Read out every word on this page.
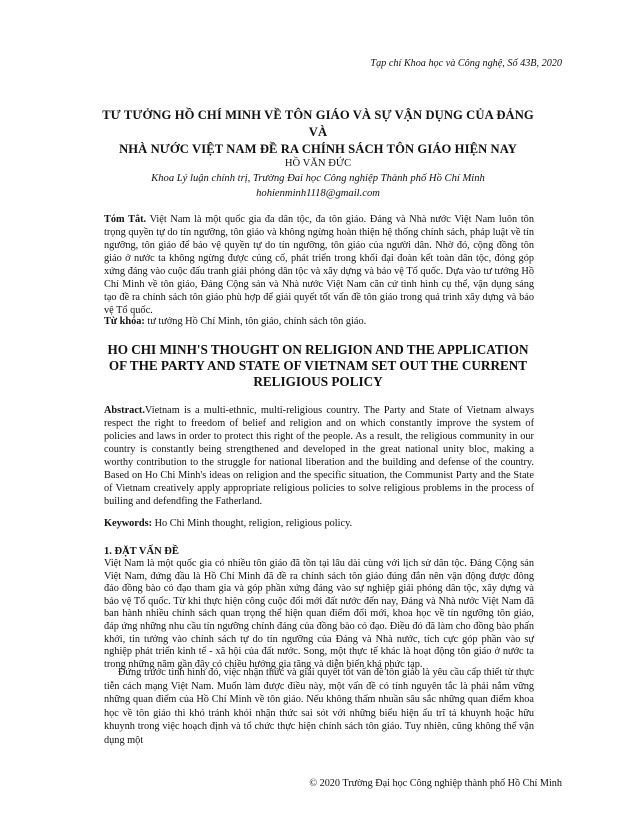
Tạp chí Khoa học và Công nghệ, Số 43B, 2020
TƯ TƯỞNG HỒ CHÍ MINH VỀ TÔN GIÁO VÀ SỰ VẬN DỤNG CỦA ĐẢNG VÀ
NHÀ NƯỚC VIỆT NAM ĐỀ RA CHÍNH SÁCH TÔN GIÁO HIỆN NAY
HỒ VĂN ĐỨC
Khoa Lý luận chính trị, Trường Đai học Công nghiệp Thành phố Hồ Chí Minh
hohienminh1118@gmail.com
Tóm Tắt. Việt Nam là một quốc gia đa dân tộc, đa tôn giáo. Đảng và Nhà nước Việt Nam luôn tôn trọng quyền tự do tín ngưỡng, tôn giáo và không ngừng hoàn thiện hệ thống chính sách, pháp luật về tín ngưỡng, tôn giáo để bảo vệ quyền tự do tín ngưỡng, tôn giáo của người dân. Nhờ đó, cộng đồng tôn giáo ở nước ta không ngừng được củng cố, phát triển trong khối đại đoàn kết toàn dân tộc, đóng góp xứng đáng vào cuộc đấu tranh giải phóng dân tộc và xây dựng và bảo vệ Tổ quốc. Dựa vào tư tưởng Hồ Chí Minh về tôn giáo, Đảng Cộng sản và Nhà nước Việt Nam căn cứ tình hình cụ thể, vận dụng sáng tạo đề ra chính sách tôn giáo phù hợp để giải quyết tốt vấn đề tôn giáo trong quá trình xây dựng và bảo vệ Tổ quốc.
Từ khóa: tư tưởng Hồ Chí Minh, tôn giáo, chính sách tôn giáo.
HO CHI MINH'S THOUGHT ON RELIGION AND THE APPLICATION
OF THE PARTY AND STATE OF VIETNAM SET OUT THE CURRENT
RELIGIOUS POLICY
Abstract.Vietnam is a multi-ethnic, multi-religious country. The Party and State of Vietnam always respect the right to freedom of belief and religion and on which constantly improve the system of policies and laws in order to protect this right of the people. As a result, the religious community in our country is constantly being strengthened and developed in the great national unity bloc, making a worthy contribution to the struggle for national liberation and the building and defense of the country. Based on Ho Chi Minh's ideas on religion and the specific situation, the Communist Party and the State of Vietnam creatively apply appropriate religious policies to solve religious problems in the process of builing and defendfing the Fatherland.
Keywords: Ho Chi Minh thought, religion, religious policy.
1. ĐẶT VẤN ĐỀ
Việt Nam là một quốc gia có nhiều tôn giáo đã tồn tại lâu dài cùng với lịch sử dân tộc. Đảng Cộng sản Việt Nam, đứng đầu là Hồ Chí Minh đã đề ra chính sách tôn giáo đúng đắn nên vận động được đông đảo đồng bào có đạo tham gia và góp phần xứng đáng vào sự nghiệp giải phóng dân tộc, xây dựng và bảo vệ Tổ quốc. Từ khi thực hiện công cuộc đổi mới đất nước đến nay, Đảng và Nhà nước Việt Nam đã ban hành nhiều chính sách quan trọng thể hiện quan điểm đổi mới, khoa học về tín ngưỡng tôn giáo, đáp ứng những nhu cầu tín ngưỡng chính đáng của đồng bào có đạo. Điều đó đã làm cho đồng bào phấn khởi, tin tưởng vào chính sách tự do tín ngưỡng của Đảng và Nhà nước, tích cực góp phần vào sự nghiệp phát triển kinh tế - xã hội của đất nước. Song, một thực tế khác là hoạt động tôn giáo ở nước ta trong những năm gần đây có chiều hướng gia tăng và diễn biến khá phức tạp.
Đứng trước tình hình đó, việc nhận thức và giải quyết tốt vấn đề tôn giáo là yêu cầu cấp thiết từ thực tiễn cách mạng Việt Nam. Muốn làm được điều này, một vấn đề có tính nguyên tắc là phải nắm vững những quan điểm của Hồ Chí Minh về tôn giáo. Nếu không thấm nhuần sâu sắc những quan điểm khoa học về tôn giáo thì khó tránh khỏi nhận thức sai sót với những biểu hiện ấu trĩ tả khuynh hoặc hữu khuynh trong việc hoạch định và tổ chức thực hiện chính sách tôn giáo. Tuy nhiên, cũng không thể vận dụng một
© 2020 Trường Đại học Công nghiệp thành phố Hồ Chí Minh
